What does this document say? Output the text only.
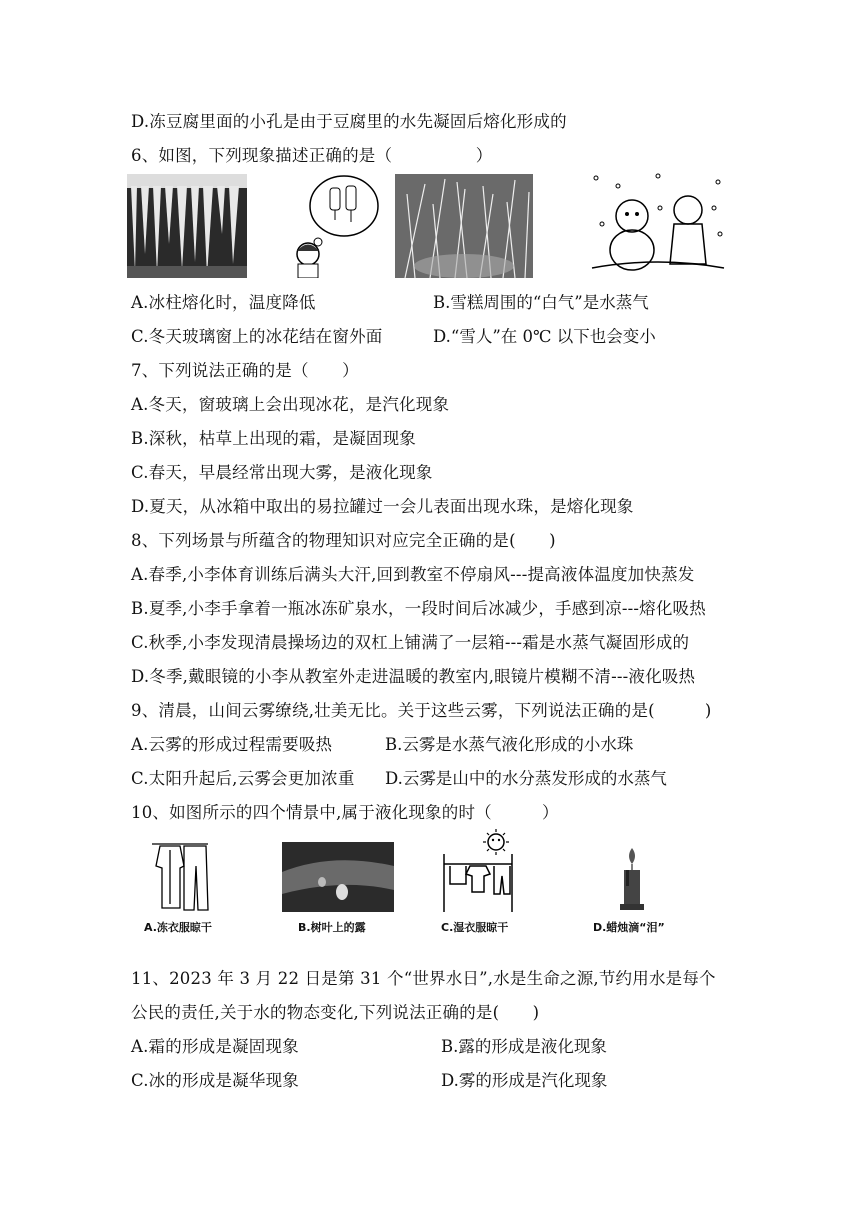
D.冻豆腐里面的小孔是由于豆腐里的水先凝固后熔化形成的
6、如图，下列现象描述正确的是（　　　　　）
A.冰柱熔化时，温度降低	B.雪糕周围的“白气”是水蒸气
C.冬天玻璃窗上的冰花结在窗外面	D.“雪人”在 0℃ 以下也会变小
7、下列说法正确的是（　　）
A.冬天，窗玻璃上会出现冰花，是汽化现象
B.深秋，枯草上出现的霜，是凝固现象
C.春天，早晨经常出现大雾，是液化现象
D.夏天，从冰箱中取出的易拉罐过一会儿表面出现水珠，是熔化现象
8、下列场景与所蕴含的物理知识对应完全正确的是(　　)
A.春季,小李体育训练后满头大汗,回到教室不停扇风---提高液体温度加快蒸发
B.夏季,小李手拿着一瓶冰冻矿泉水，一段时间后冰减少，手感到凉---熔化吸热
C.秋季,小李发现清晨操场边的双杠上铺满了一层箱---霜是水蒸气凝固形成的
D.冬季,戴眼镜的小李从教室外走进温暖的教室内,眼镜片模糊不清---液化吸热
9、清晨，山间云雾缭绕,壮美无比。关于这些云雾，下列说法正确的是(　　　)
A.云雾的形成过程需要吸热	B.云雾是水蒸气液化形成的小水珠
C.太阳升起后,云雾会更加浓重 D.云雾是山中的水分蒸发形成的水蒸气
10、如图所示的四个情景中,属于液化现象的时（　　　）
A.冻衣服晾干	B.树叶上的露	C.湿衣服晾干	D.蜡烛滴“泪”
11、2023 年 3 月 22 日是第 31 个“世界水日”,水是生命之源,节约用水是每个
公民的责任,关于水的物态变化,下列说法正确的是(　　)
A.霜的形成是凝固现象	B.露的形成是液化现象
C.冰的形成是凝华现象	D.雾的形成是汽化现象
